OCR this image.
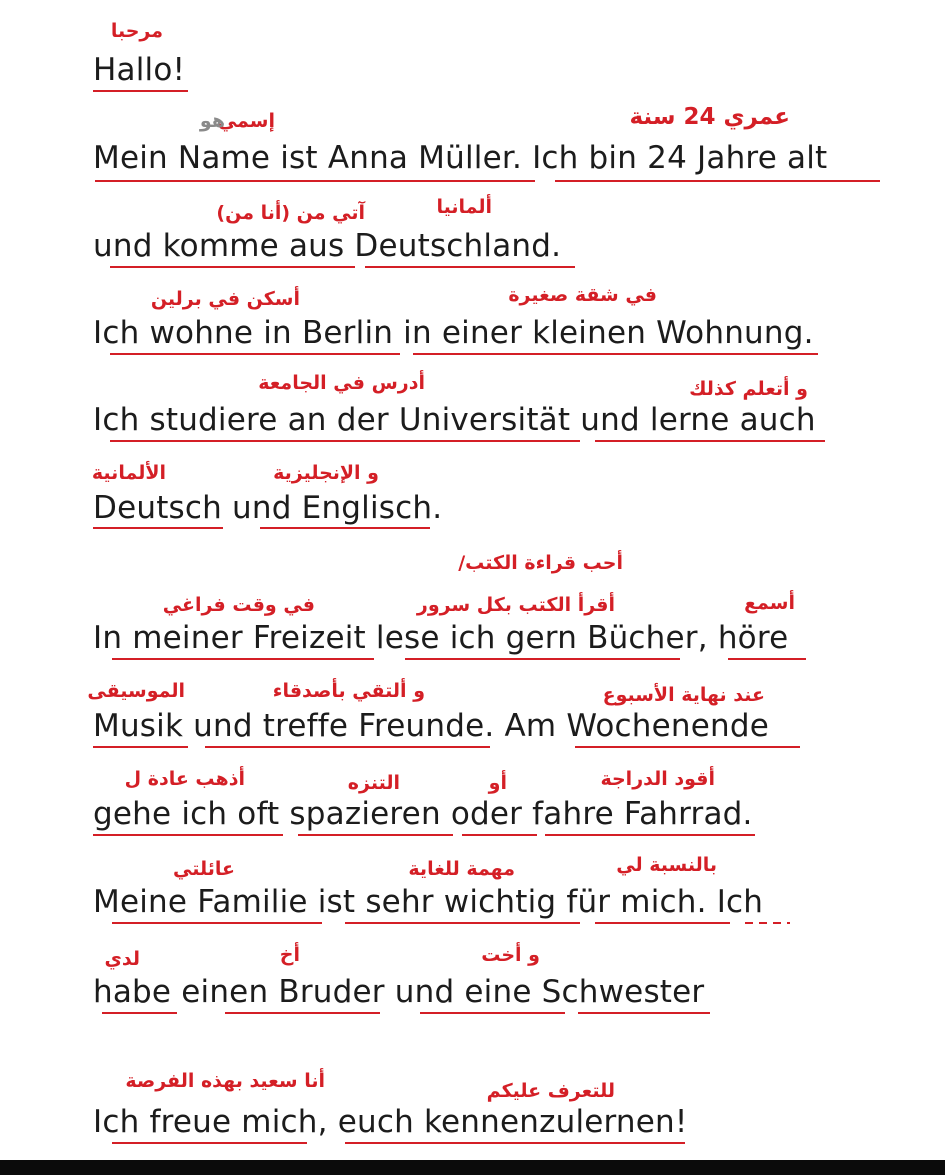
مرحبا
Hallo!
إسمي
هو	عمري 24 سنة
Mein Name ist Anna Müller. Ich bin 24 Jahre alt
آتي من (أنا من)	ألمانيا
und komme aus Deutschland.
أسكن في برلين	في شقة صغيرة
Ich wohne in Berlin in einer kleinen Wohnung.
أدرس في الجامعة	و أتعلم كذلك
Ich studiere an der Universität und lerne auch
الألمانية	و الإنجليزية
Deutsch und Englisch.
أحب قراءة الكتب/
في وقت فراغي	أقرأ الكتب بكل سرور	أسمع
In meiner Freizeit lese ich gern Bücher, höre
الموسيقى	و ألتقي بأصدقاء	عند نهاية الأسبوع
Musik und treffe Freunde. Am Wochenende
أذهب عادة ل	التنزه	أو	أقود الدراجة
gehe ich oft spazieren oder fahre Fahrrad.
عائلتي	مهمة للغاية	بالنسبة لي
Meine Familie ist sehr wichtig für mich. Ich
لدي	أخ	و أخت
habe einen Bruder und eine Schwester
أنا سعيد بهذه الفرصة	للتعرف عليكم
Ich freue mich, euch kennenzulernen!
